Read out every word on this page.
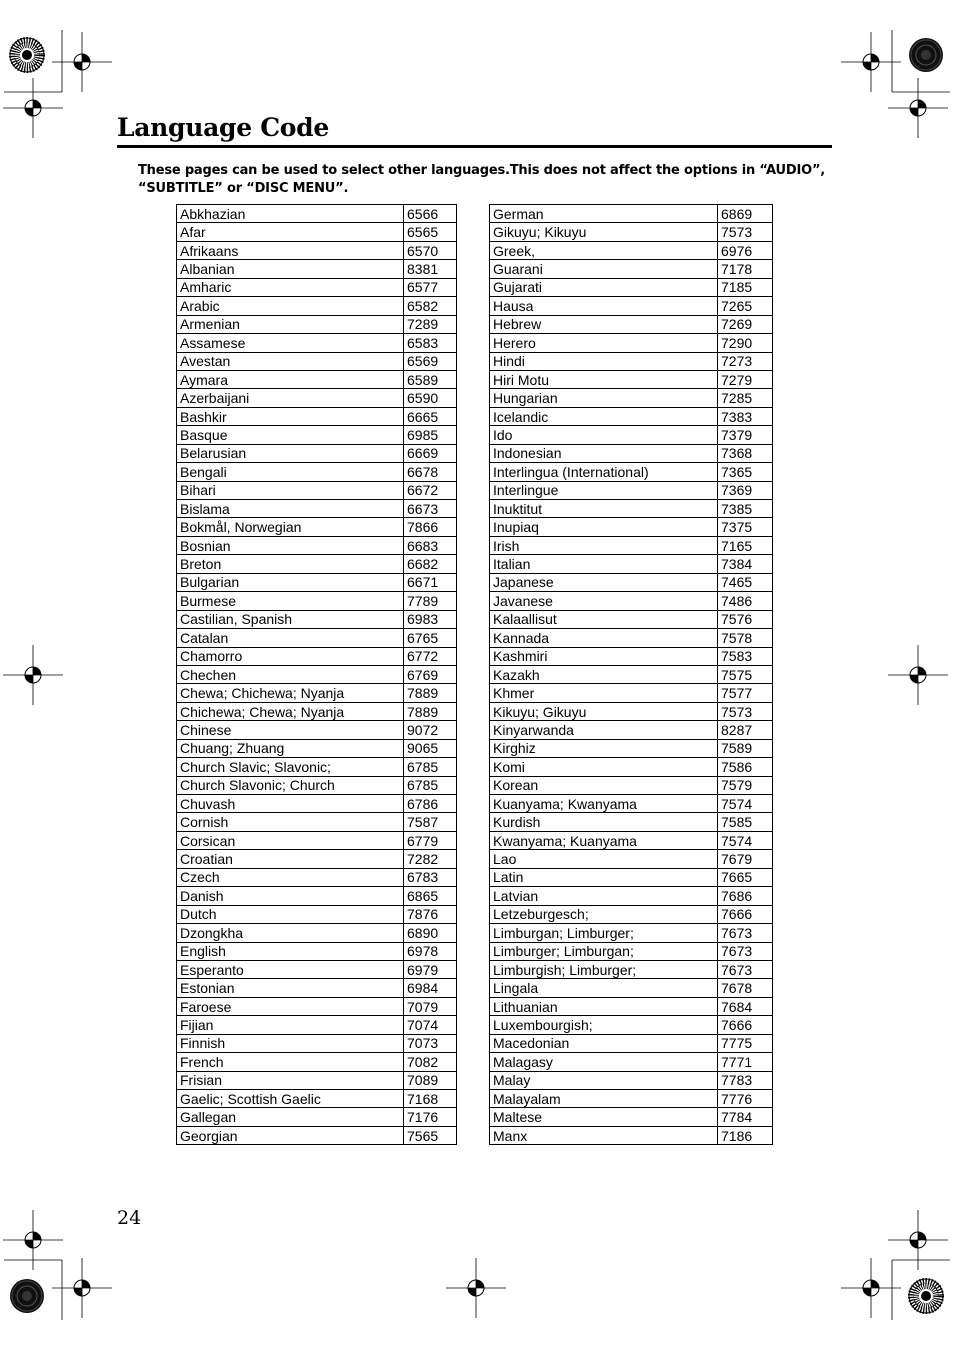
Language Code
These pages can be used to select other languages.This does not affect the options in “AUDIO”,
“SUBTITLE” or “DISC MENU”.
Abkhazian	6566
Afar	6565
Afrikaans	6570
Albanian	8381
Amharic	6577
Arabic	6582
Armenian	7289
Assamese	6583
Avestan	6569
Aymara	6589
Azerbaijani	6590
Bashkir	6665
Basque	6985
Belarusian	6669
Bengali	6678
Bihari	6672
Bislama	6673
Bokmål, Norwegian	7866
Bosnian	6683
Breton	6682
Bulgarian	6671
Burmese	7789
Castilian, Spanish	6983
Catalan	6765
Chamorro	6772
Chechen	6769
Chewa; Chichewa; Nyanja	7889
Chichewa; Chewa; Nyanja	7889
Chinese	9072
Chuang; Zhuang	9065
Church Slavic; Slavonic;	6785
Church Slavonic; Church	6785
Chuvash	6786
Cornish	7587
Corsican	6779
Croatian	7282
Czech	6783
Danish	6865
Dutch	7876
Dzongkha	6890
English	6978
Esperanto	6979
Estonian	6984
Faroese	7079
Fijian	7074
Finnish	7073
French	7082
Frisian	7089
Gaelic; Scottish Gaelic	7168
Gallegan	7176
Georgian	7565
German	6869
Gikuyu; Kikuyu	7573
Greek,	6976
Guarani	7178
Gujarati	7185
Hausa	7265
Hebrew	7269
Herero	7290
Hindi	7273
Hiri Motu	7279
Hungarian	7285
Icelandic	7383
Ido	7379
Indonesian	7368
Interlingua (International)	7365
Interlingue	7369
Inuktitut	7385
Inupiaq	7375
Irish	7165
Italian	7384
Japanese	7465
Javanese	7486
Kalaallisut	7576
Kannada	7578
Kashmiri	7583
Kazakh	7575
Khmer	7577
Kikuyu; Gikuyu	7573
Kinyarwanda	8287
Kirghiz	7589
Komi	7586
Korean	7579
Kuanyama; Kwanyama	7574
Kurdish	7585
Kwanyama; Kuanyama	7574
Lao	7679
Latin	7665
Latvian	7686
Letzeburgesch;	7666
Limburgan; Limburger;	7673
Limburger; Limburgan;	7673
Limburgish; Limburger;	7673
Lingala	7678
Lithuanian	7684
Luxembourgish;	7666
Macedonian	7775
Malagasy	7771
Malay	7783
Malayalam	7776
Maltese	7784
Manx	7186
24
